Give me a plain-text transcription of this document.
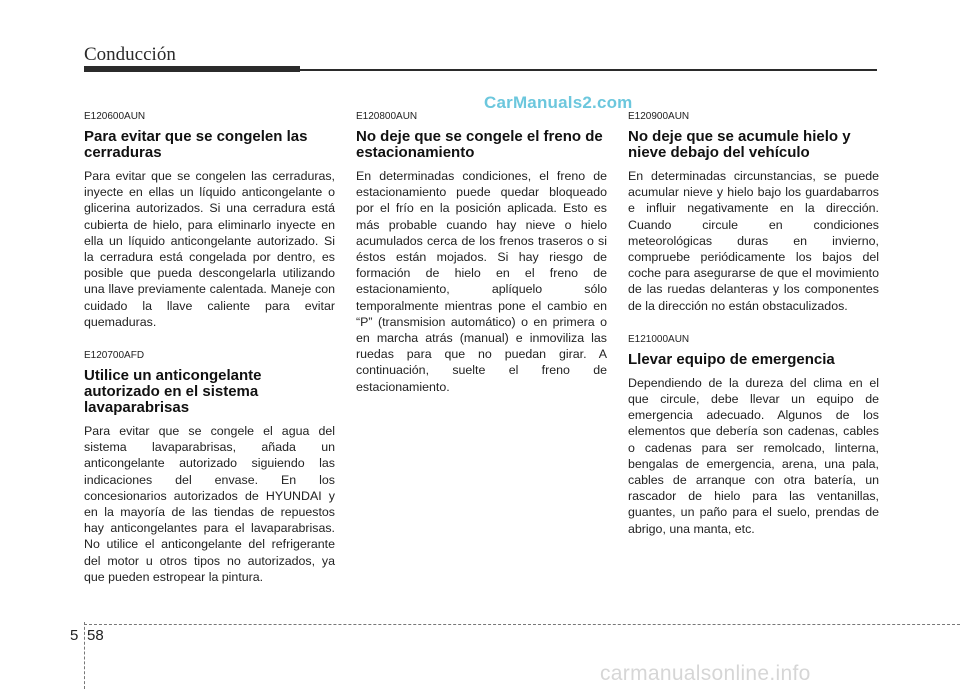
Conducción
CarManuals2.com

E120600AUN

Para evitar que se congelen las cerraduras

Para evitar que se congelen las cerraduras, inyecte en ellas un líquido anticongelante o glicerina autorizados. Si una cerradura está cubierta de hielo, para eliminarlo inyecte en ella un líquido anticongelante autorizado. Si la cerradura está congelada por dentro, es posible que pueda descongelarla utilizando una llave previamente calentada. Maneje con cuidado la llave caliente para evitar quemaduras.

E120700AFD

Utilice un anticongelante autorizado en el sistema lavaparabrisas

Para evitar que se congele el agua del sistema lavaparabrisas, añada un anticongelante autorizado siguiendo las indicaciones del envase. En los concesionarios autorizados de HYUNDAI y en la mayoría de las tiendas de repuestos hay anticongelantes para el lavaparabrisas. No utilice el anticongelante del refrigerante del motor u otros tipos no autorizados, ya que pueden estropear la pintura.

E120800AUN

No deje que se congele el freno de estacionamiento

En determinadas condiciones, el freno de estacionamiento puede quedar bloqueado por el frío en la posición aplicada. Esto es más probable cuando hay nieve o hielo acumulados cerca de los frenos traseros o si éstos están mojados. Si hay riesgo de formación de hielo en el freno de estacionamiento, aplíquelo sólo temporalmente mientras pone el cambio en “P” (transmision automático) o en primera o en marcha atrás (manual) e inmoviliza las ruedas para que no puedan girar. A continuación, suelte el freno de estacionamiento.

E120900AUN

No deje que se acumule hielo y nieve debajo del vehículo

En determinadas circunstancias, se puede acumular nieve y hielo bajo los guardabarros e influir negativamente en la dirección. Cuando circule en condiciones meteorológicas duras en invierno, compruebe periódicamente los bajos del coche para asegurarse de que el movimiento de las ruedas delanteras y los componentes de la dirección no están obstaculizados.

E121000AUN

Llevar equipo de emergencia

Dependiendo de la dureza del clima en el que circule, debe llevar un equipo de emergencia adecuado. Algunos de los elementos que debería son cadenas, cables o cadenas para ser remolcado, linterna, bengalas de emergencia, arena, una pala, cables de arranque con otra batería, un rascador de hielo para las ventanillas, guantes, un paño para el suelo, prendas de abrigo, una manta, etc.

5 58
carmanualsonline.info
